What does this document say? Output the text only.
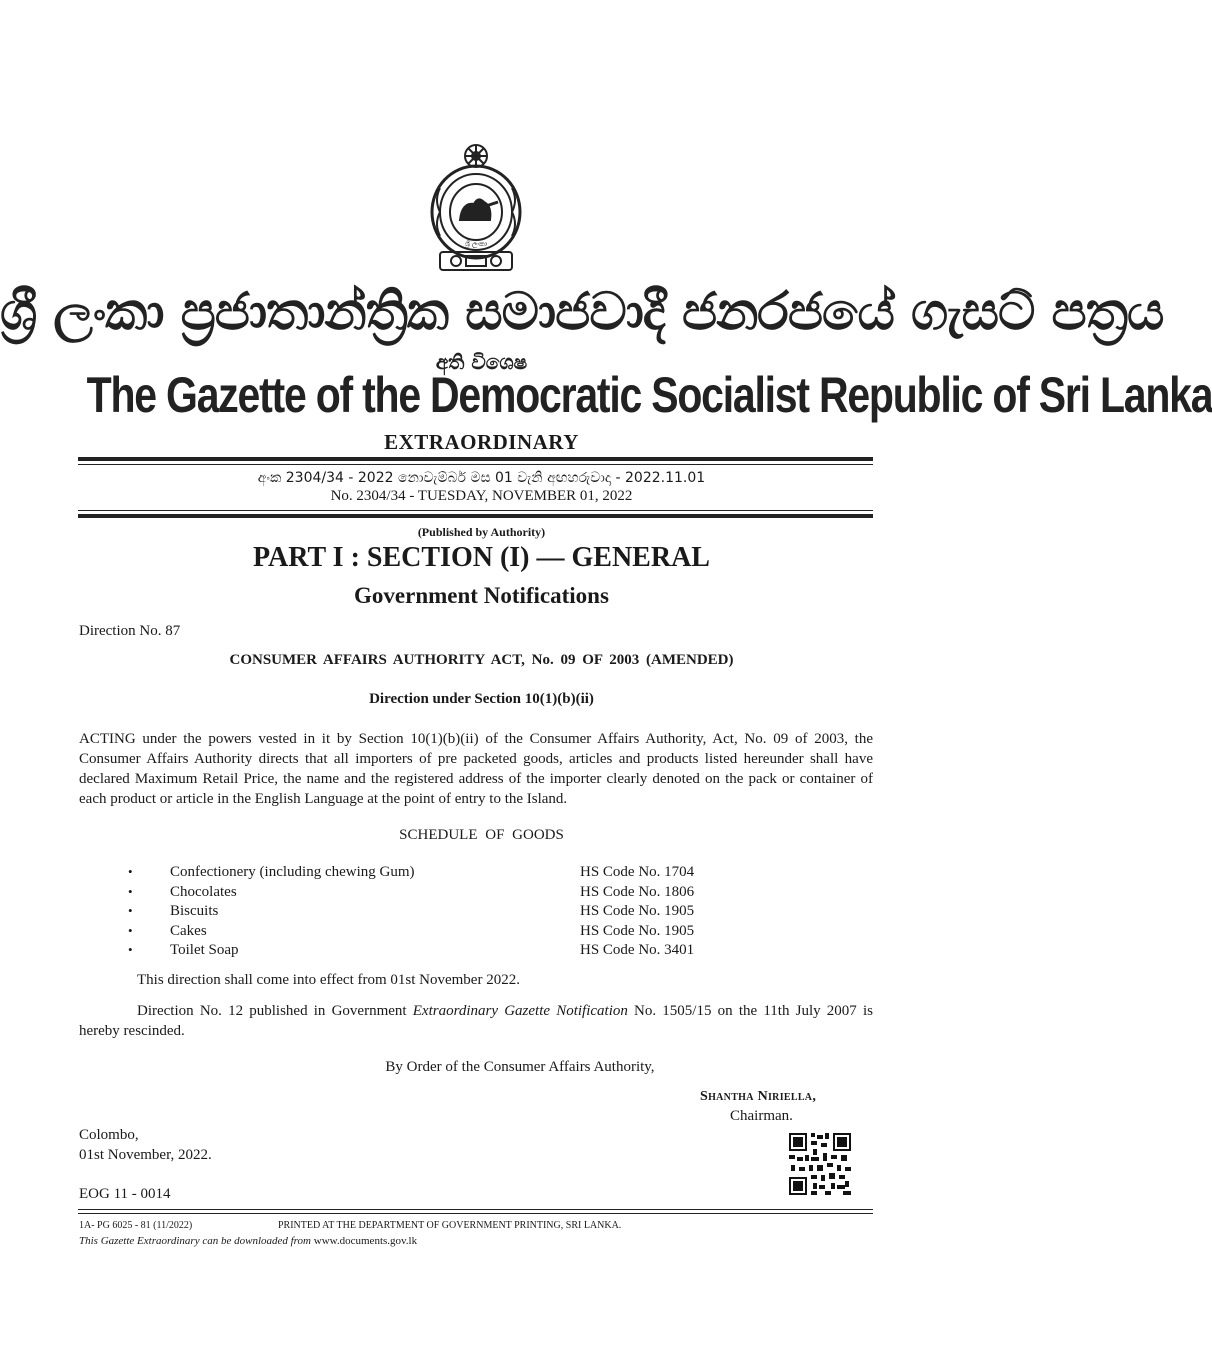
ශ්‍රී ලංකා
ශ්‍රී ලංකා ප්‍රජාතාන්ත්‍රික සමාජවාදී ජනරජයේ ගැසට් පත්‍රය
අති විශෙෂ
The Gazette of the Democratic Socialist Republic of Sri Lanka
EXTRAORDINARY
අංක 2304/34 - 2022 නොවැම්බර් මස 01 වැනි අඟහරුවාදා - 2022.11.01
No. 2304/34 - TUESDAY, NOVEMBER 01, 2022
(Published by Authority)
PART I : SECTION (I) — GENERAL
Government Notifications
Direction No. 87
CONSUMER AFFAIRS AUTHORITY ACT, No. 09 OF 2003 (AMENDED)
Direction under Section 10(1)(b)(ii)
ACTING under the powers vested in it by Section 10(1)(b)(ii) of the Consumer Affairs Authority, Act, No. 09 of 2003, the Consumer Affairs Authority directs that all importers of pre packeted goods, articles and products listed hereunder shall have declared Maximum Retail Price, the name and the registered address of the importer clearly denoted on the pack or container of each product or article in the English Language at the point of entry to the Island.
SCHEDULE OF GOODS
• Confectionery (including chewing Gum)	HS Code No. 1704
• Chocolates	HS Code No. 1806
• Biscuits	HS Code No. 1905
• Cakes	HS Code No. 1905
• Toilet Soap	HS Code No. 3401
This direction shall come into effect from 01st November 2022.
Direction No. 12 published in Government Extraordinary Gazette Notification No. 1505/15 on the 11th July 2007 is hereby rescinded.
By Order of the Consumer Affairs Authority,
Shantha Niriella,
Chairman.
Colombo,
01st November, 2022.
EOG 11 - 0014
1A- PG 6025 - 81 (11/2022)	PRINTED AT THE DEPARTMENT OF GOVERNMENT PRINTING, SRI LANKA.
This Gazette Extraordinary can be downloaded from www.documents.gov.lk
